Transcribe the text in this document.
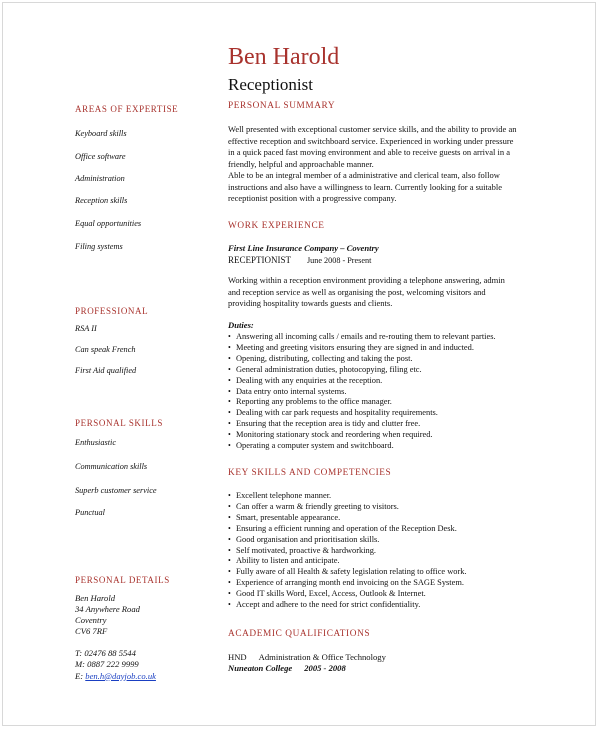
Ben Harold
Receptionist
AREAS OF EXPERTISE
Keyboard skills
Office software
Administration
Reception skills
Equal opportunities
Filing systems
PROFESSIONAL
RSA II
Can speak French
First Aid qualified
PERSONAL SKILLS
Enthusiastic
Communication skills
Superb customer service
Punctual
PERSONAL DETAILS
Ben Harold
34 Anywhere Road
Coventry
CV6 7RF
T: 02476 88 5544
M: 0887 222 9999
E: ben.h@dayjob.co.uk
PERSONAL SUMMARY

Well presented with exceptional customer service skills, and the ability to provide an effective reception and switchboard service. Experienced in working under pressure in a quick paced fast moving environment and able to receive guests on arrival in a friendly, helpful and approachable manner.

Able to be an integral member of a administrative and clerical team, also follow instructions and also have a willingness to learn. Currently looking for a suitable receptionist position with a progressive company.

WORK EXPERIENCE
First Line Insurance Company – Coventry
RECEPTIONIST June 2008 - Present
Working within a reception environment providing a telephone answering, admin and reception service as well as organising the post, welcoming visitors and providing hospitality towards guests and clients.
Duties:
• Answering all incoming calls / emails and re-routing them to relevant parties.
• Meeting and greeting visitors ensuring they are signed in and inducted.
• Opening, distributing, collecting and taking the post.
• General administration duties, photocopying, filing etc.
• Dealing with any enquiries at the reception.
• Data entry onto internal systems.
• Reporting any problems to the office manager.
• Dealing with car park requests and hospitality requirements.
• Ensuring that the reception area is tidy and clutter free.
• Monitoring stationary stock and reordering when required.
• Operating a computer system and switchboard.
KEY SKILLS AND COMPETENCIES
• Excellent telephone manner.
• Can offer a warm & friendly greeting to visitors.
• Smart, presentable appearance.
• Ensuring a efficient running and operation of the Reception Desk.
• Good organisation and prioritisation skills.
• Self motivated, proactive & hardworking.
• Ability to listen and anticipate.
• Fully aware of all Health & safety legislation relating to office work.
• Experience of arranging month end invoicing on the SAGE System.
• Good IT skills Word, Excel, Access, Outlook & Internet.
• Accept and adhere to the need for strict confidentiality.
ACADEMIC QUALIFICATIONS
HND Administration & Office Technology
Nuneaton College 2005 - 2008
